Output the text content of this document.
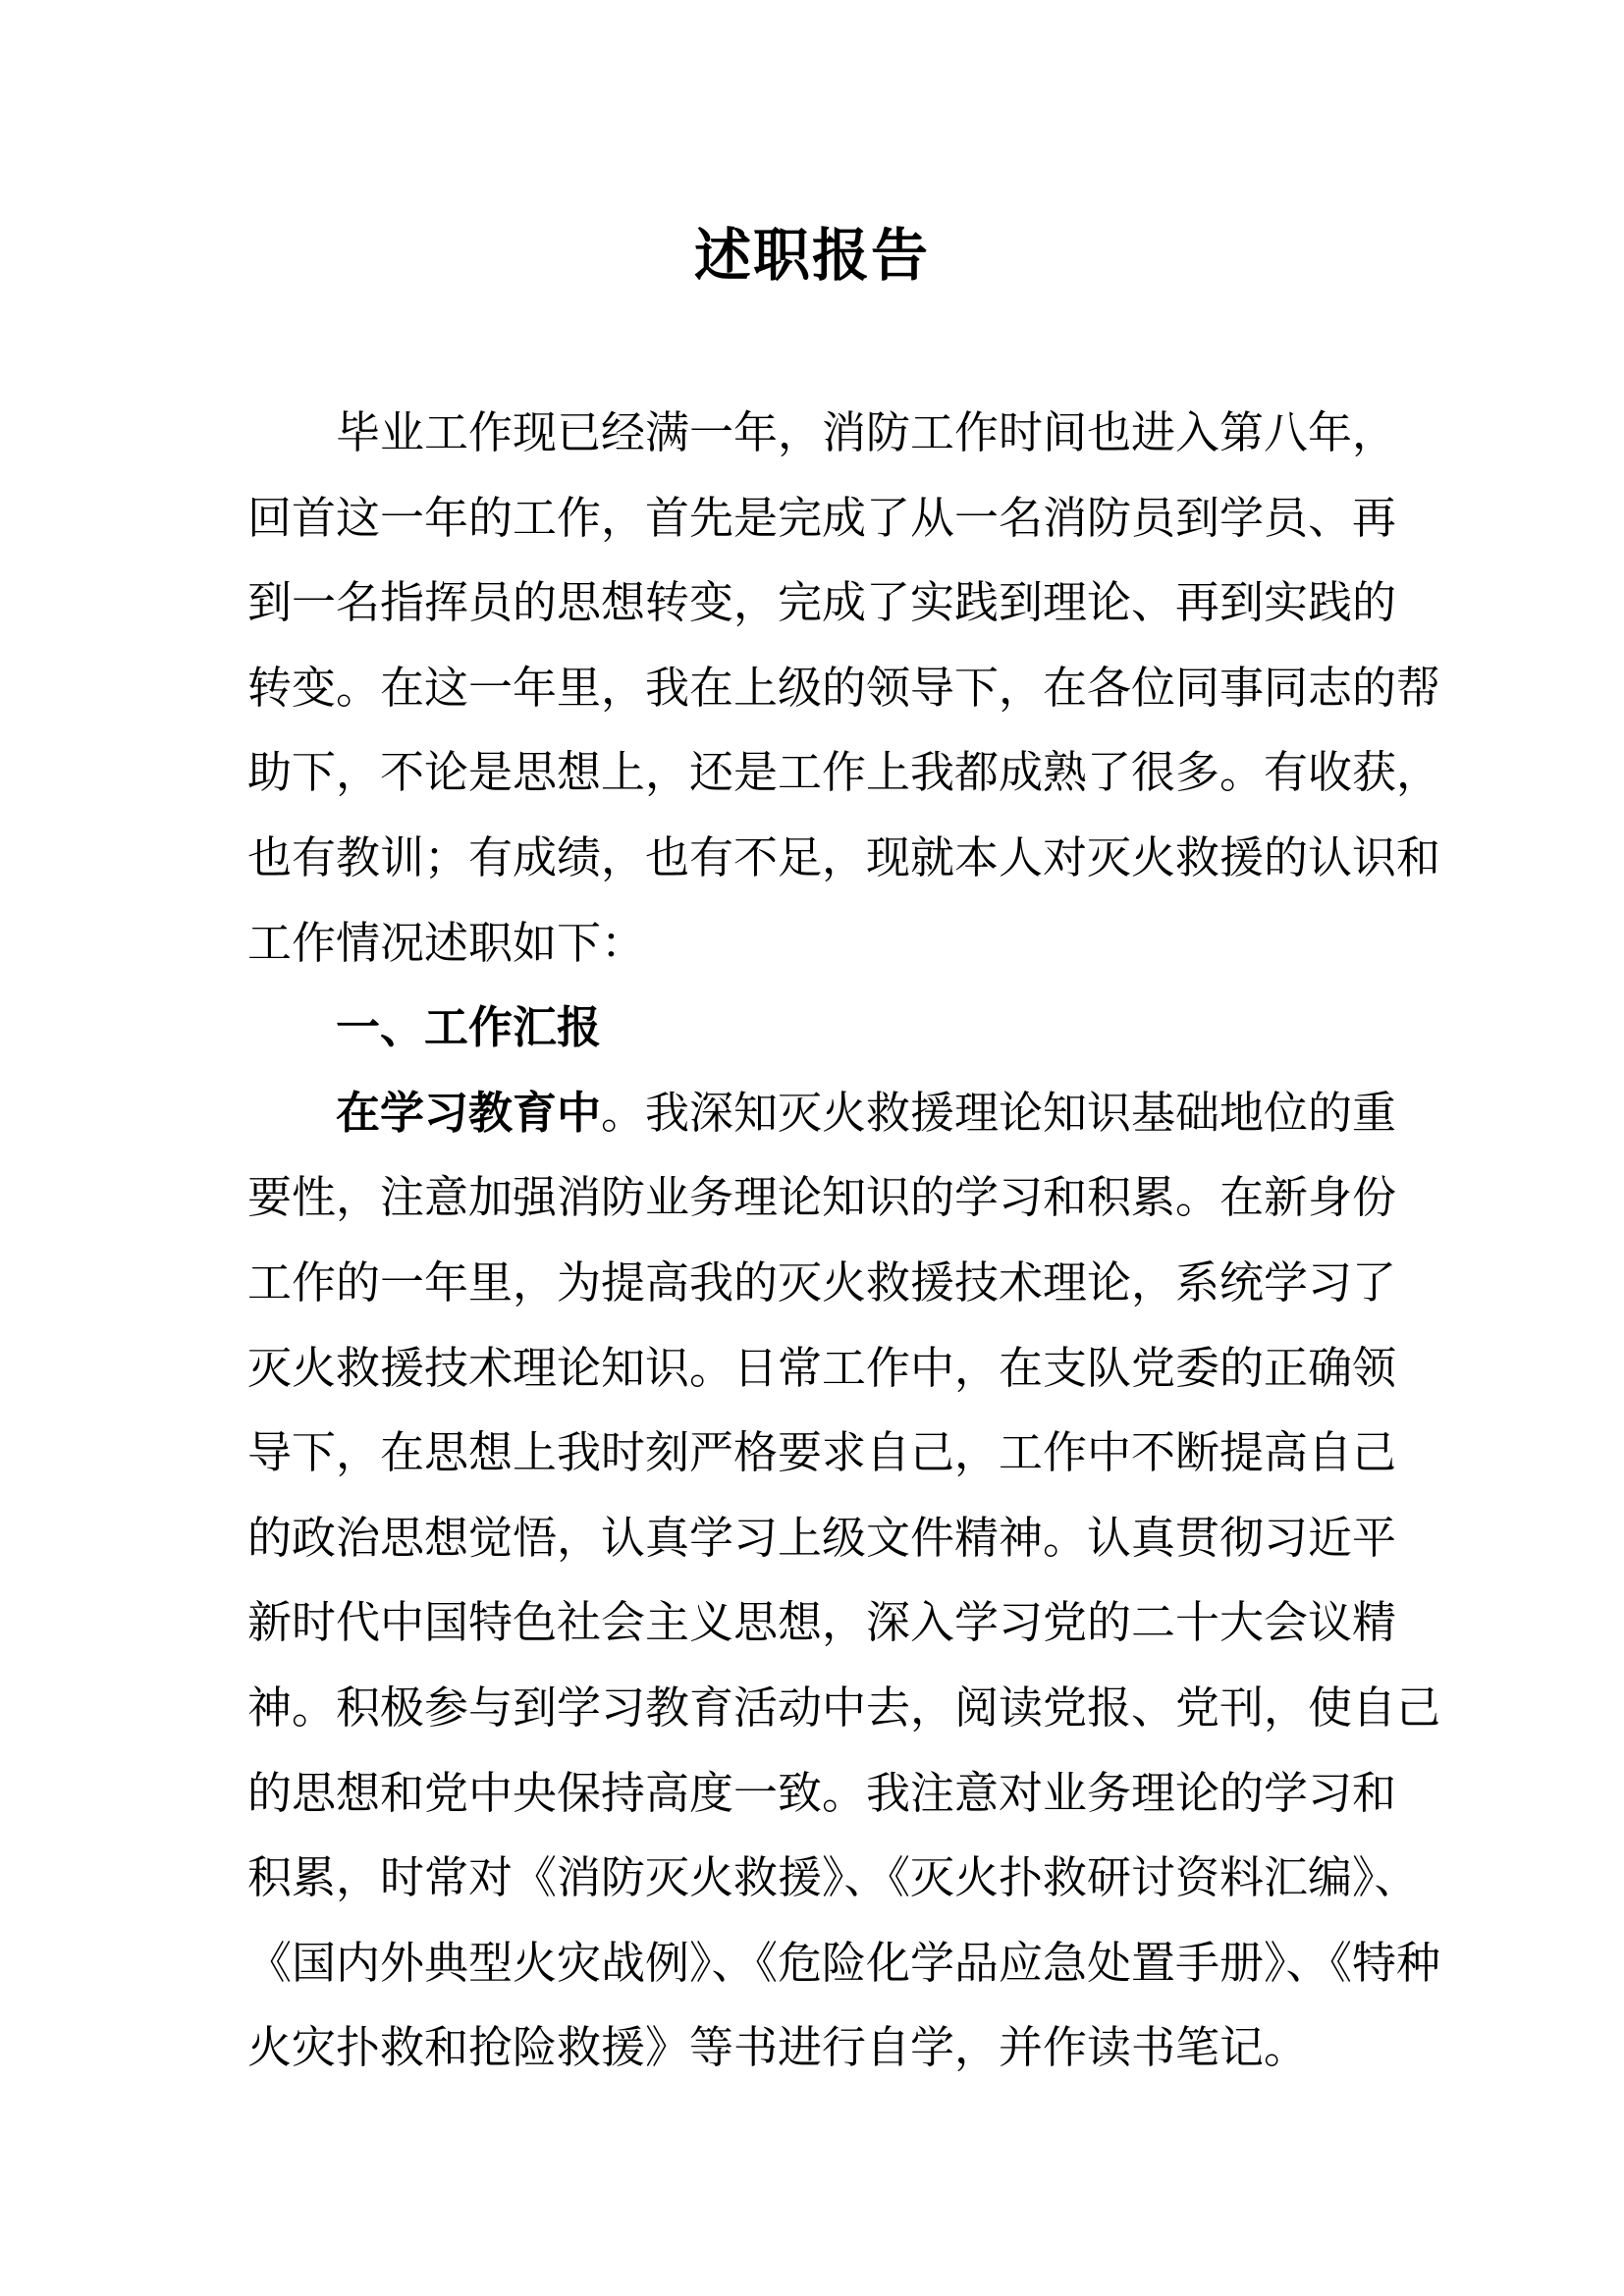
述职报告
毕业工作现已经满一年，消防工作时间也进入第八年，
回首这一年的工作，首先是完成了从一名消防员到学员、再
到一名指挥员的思想转变，完成了实践到理论、再到实践的
转变。在这一年里，我在上级的领导下，在各位同事同志的帮
助下，不论是思想上，还是工作上我都成熟了很多。有收获，
也有教训；有成绩，也有不足，现就本人对灭火救援的认识和
工作情况述职如下：
一、工作汇报
在学习教育中。我深知灭火救援理论知识基础地位的重
要性，注意加强消防业务理论知识的学习和积累。在新身份
工作的一年里，为提高我的灭火救援技术理论，系统学习了
灭火救援技术理论知识。日常工作中，在支队党委的正确领
导下，在思想上我时刻严格要求自己，工作中不断提高自己
的政治思想觉悟，认真学习上级文件精神。认真贯彻习近平
新时代中国特色社会主义思想，深入学习党的二十大会议精
神。积极参与到学习教育活动中去，阅读党报、党刊，使自己
的思想和党中央保持高度一致。我注意对业务理论的学习和
积累，时常对《消防灭火救援》、《灭火扑救研讨资料汇编》、
《国内外典型火灾战例》、《危险化学品应急处置手册》、《特种
火灾扑救和抢险救援》等书进行自学，并作读书笔记。
